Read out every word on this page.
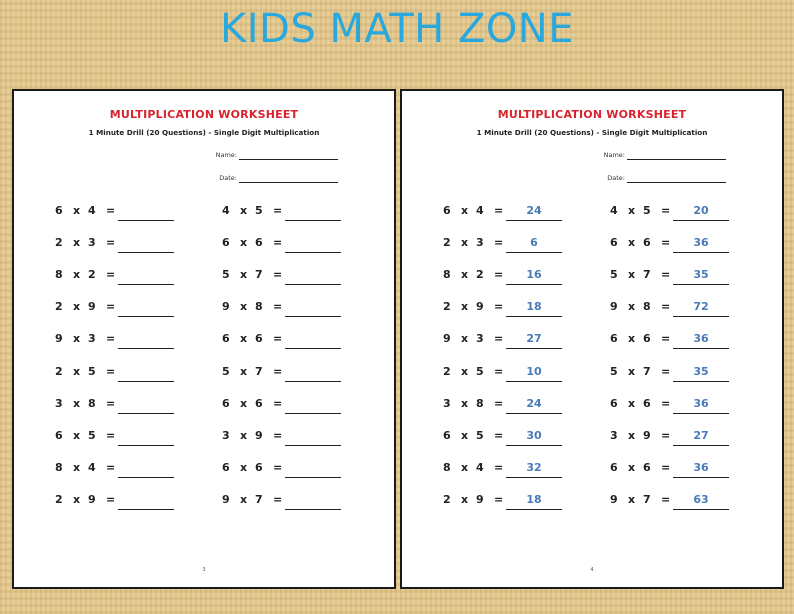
KIDS MATH ZONE
MULTIPLICATION WORKSHEET
1 Minute Drill (20 Questions) - Single Digit Multiplication
Name:
Date:
6 x 4 =
2 x 3 =
8 x 2 =
2 x 9 =
9 x 3 =
2 x 5 =
3 x 8 =
6 x 5 =
8 x 4 =
2 x 9 =
4 x 5 =
6 x 6 =
5 x 7 =
9 x 8 =
6 x 6 =
5 x 7 =
6 x 6 =
3 x 9 =
6 x 6 =
9 x 7 =
3
MULTIPLICATION WORKSHEET
1 Minute Drill (20 Questions) - Single Digit Multiplication
Name:
Date:
6 x 4 =	24
2 x 3 =	6
8 x 2 =	16
2 x 9 =	18
9 x 3 =	27
2 x 5 =	10
3 x 8 =	24
6 x 5 =	30
8 x 4 =	32
2 x 9 =	18
4 x 5 =	20
6 x 6 =	36
5 x 7 =	35
9 x 8 =	72
6 x 6 =	36
5 x 7 =	35
6 x 6 =	36
3 x 9 =	27
6 x 6 =	36
9 x 7 =	63
4
